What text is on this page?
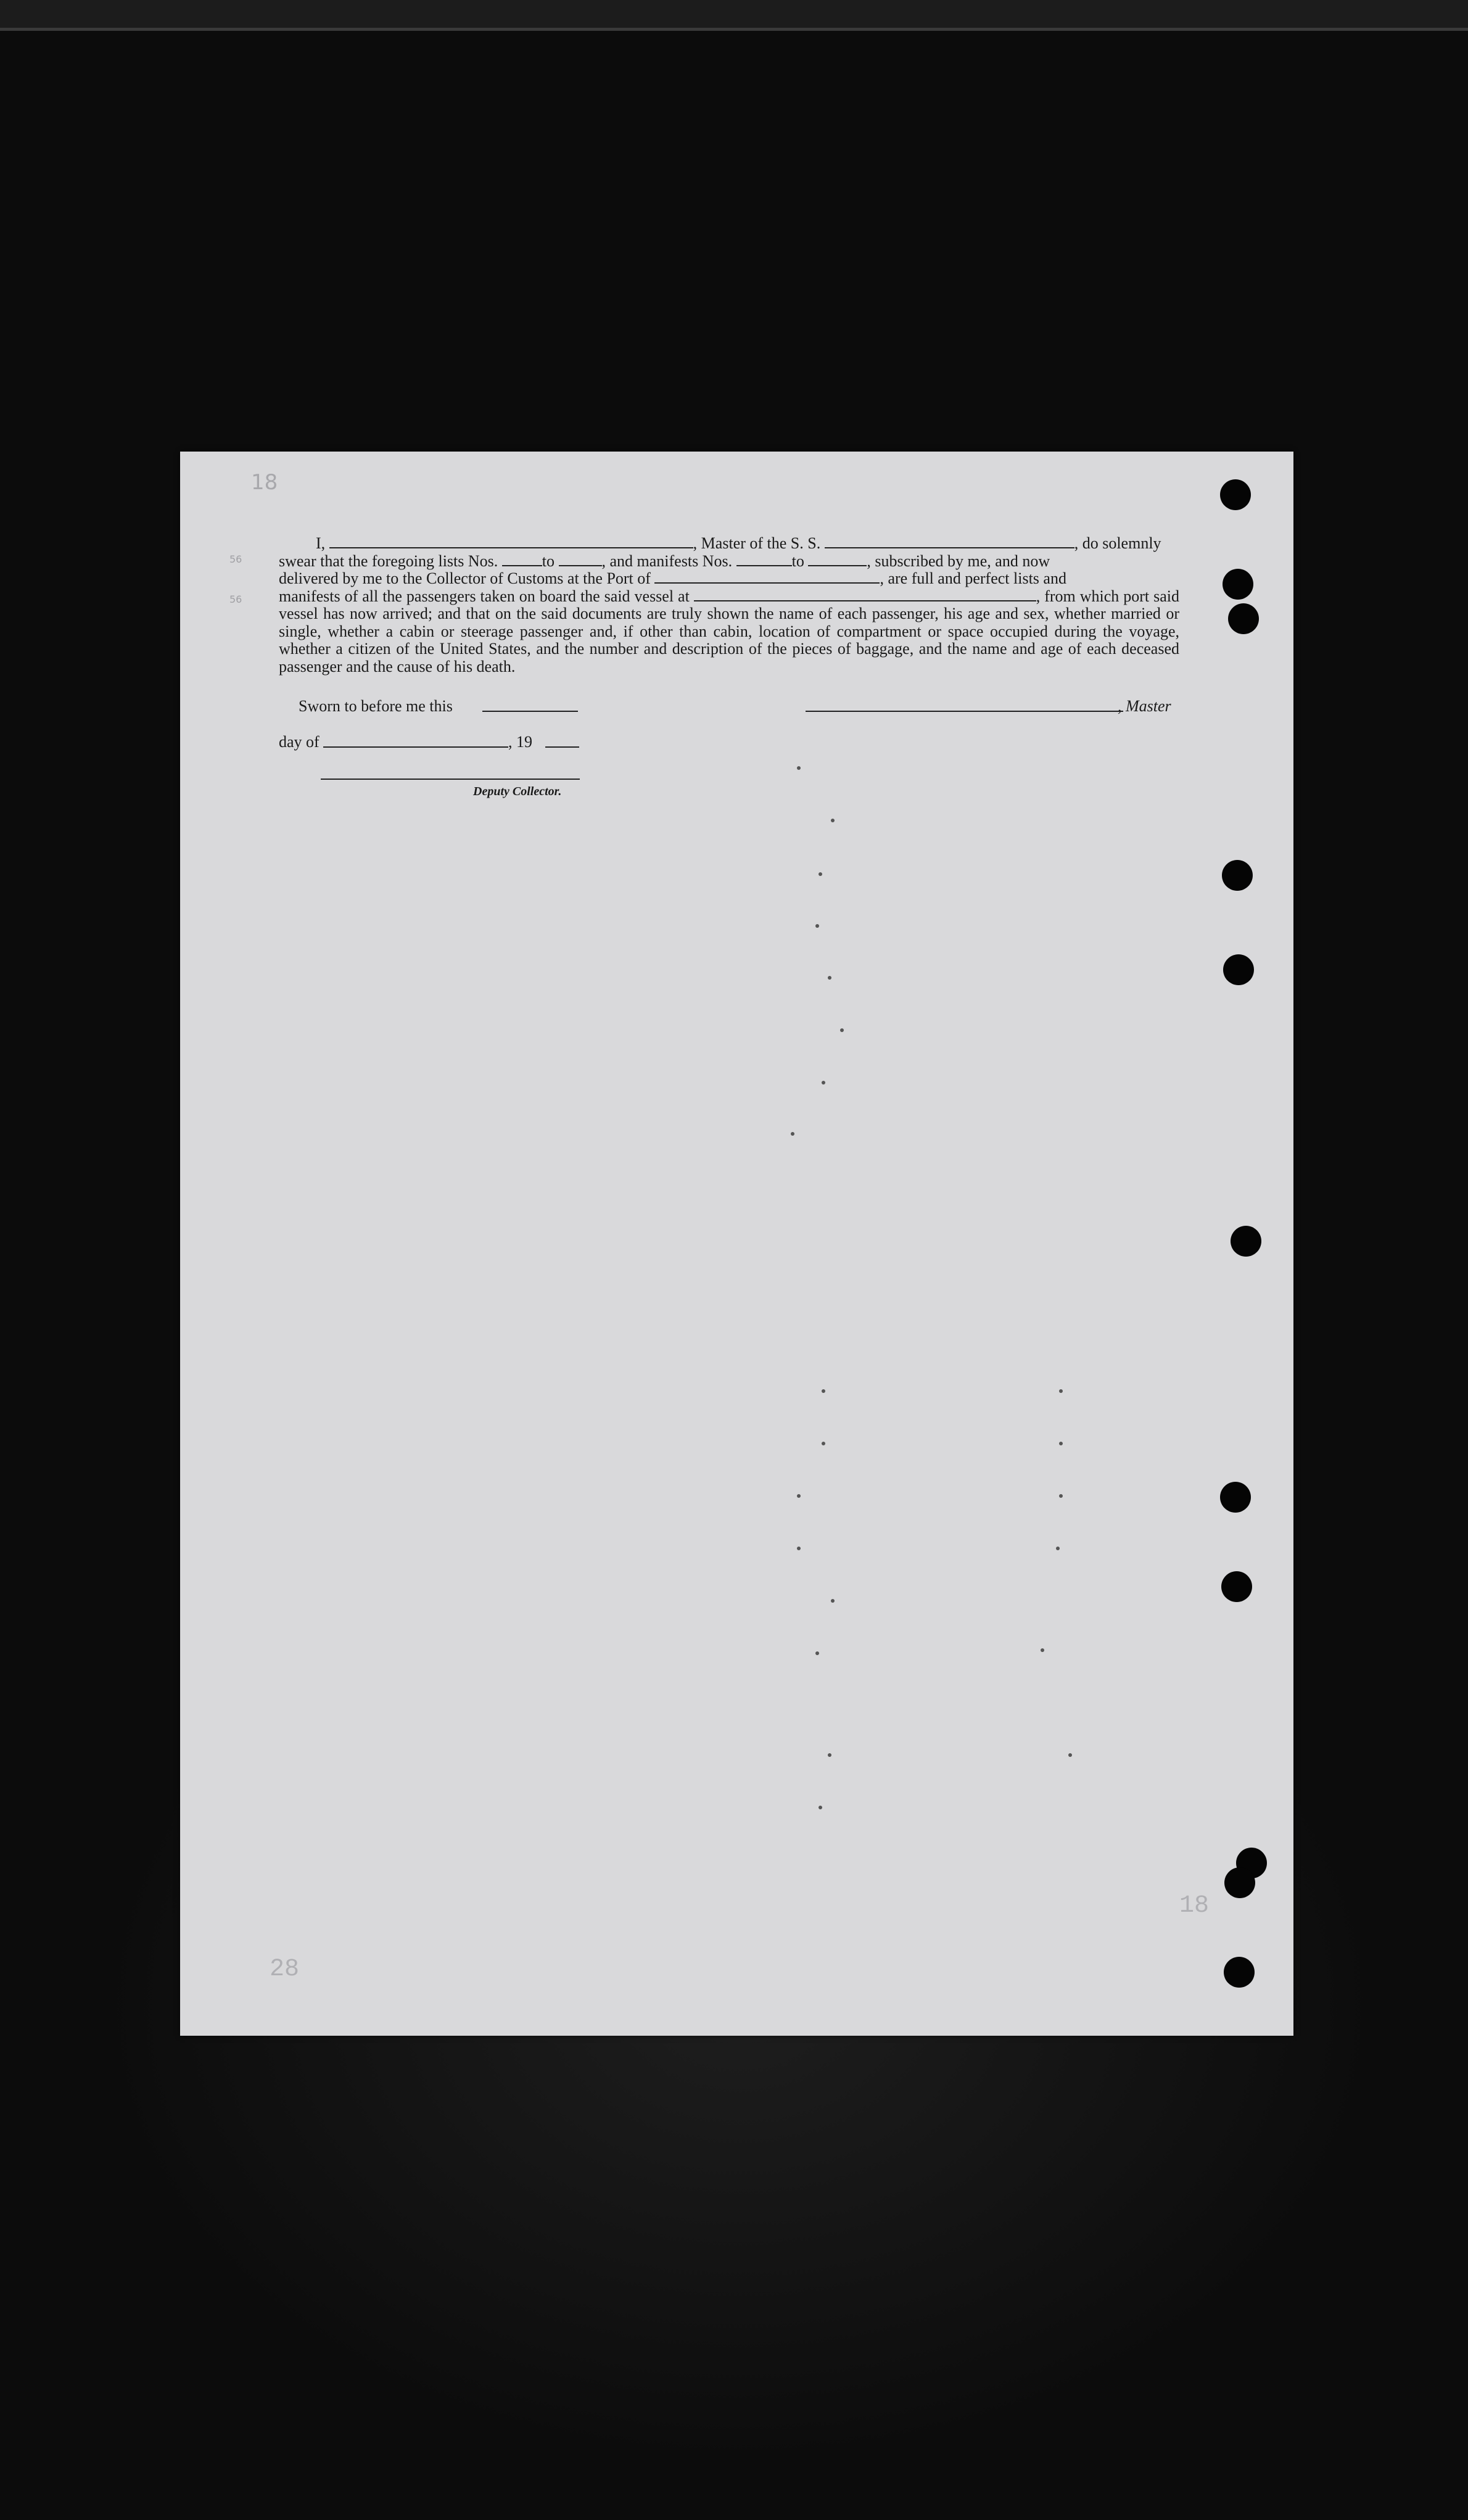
18
56
56
I,	, Master of the S. S.	, do solemnly
swear that the foregoing lists Nos.	to	, and manifests Nos.	to	, subscribed by me, and now
delivered by me to the Collector of Customs at the Port of	, are full and perfect lists and
manifests of all the passengers taken on board the said vessel at	, from which port said vessel has now arrived; and that on the said documents are truly shown the name of each passenger, his age and sex, whether married or single, whether a cabin or steerage passenger and, if other than cabin, location of compartment or space occupied during the voyage, whether a citizen of the United States, and the number and description of the pieces of baggage, and the name and age of each deceased passenger and the cause of his death.
Sworn to before me this
day of	, 19
Deputy Collector.
, Master
18
28
